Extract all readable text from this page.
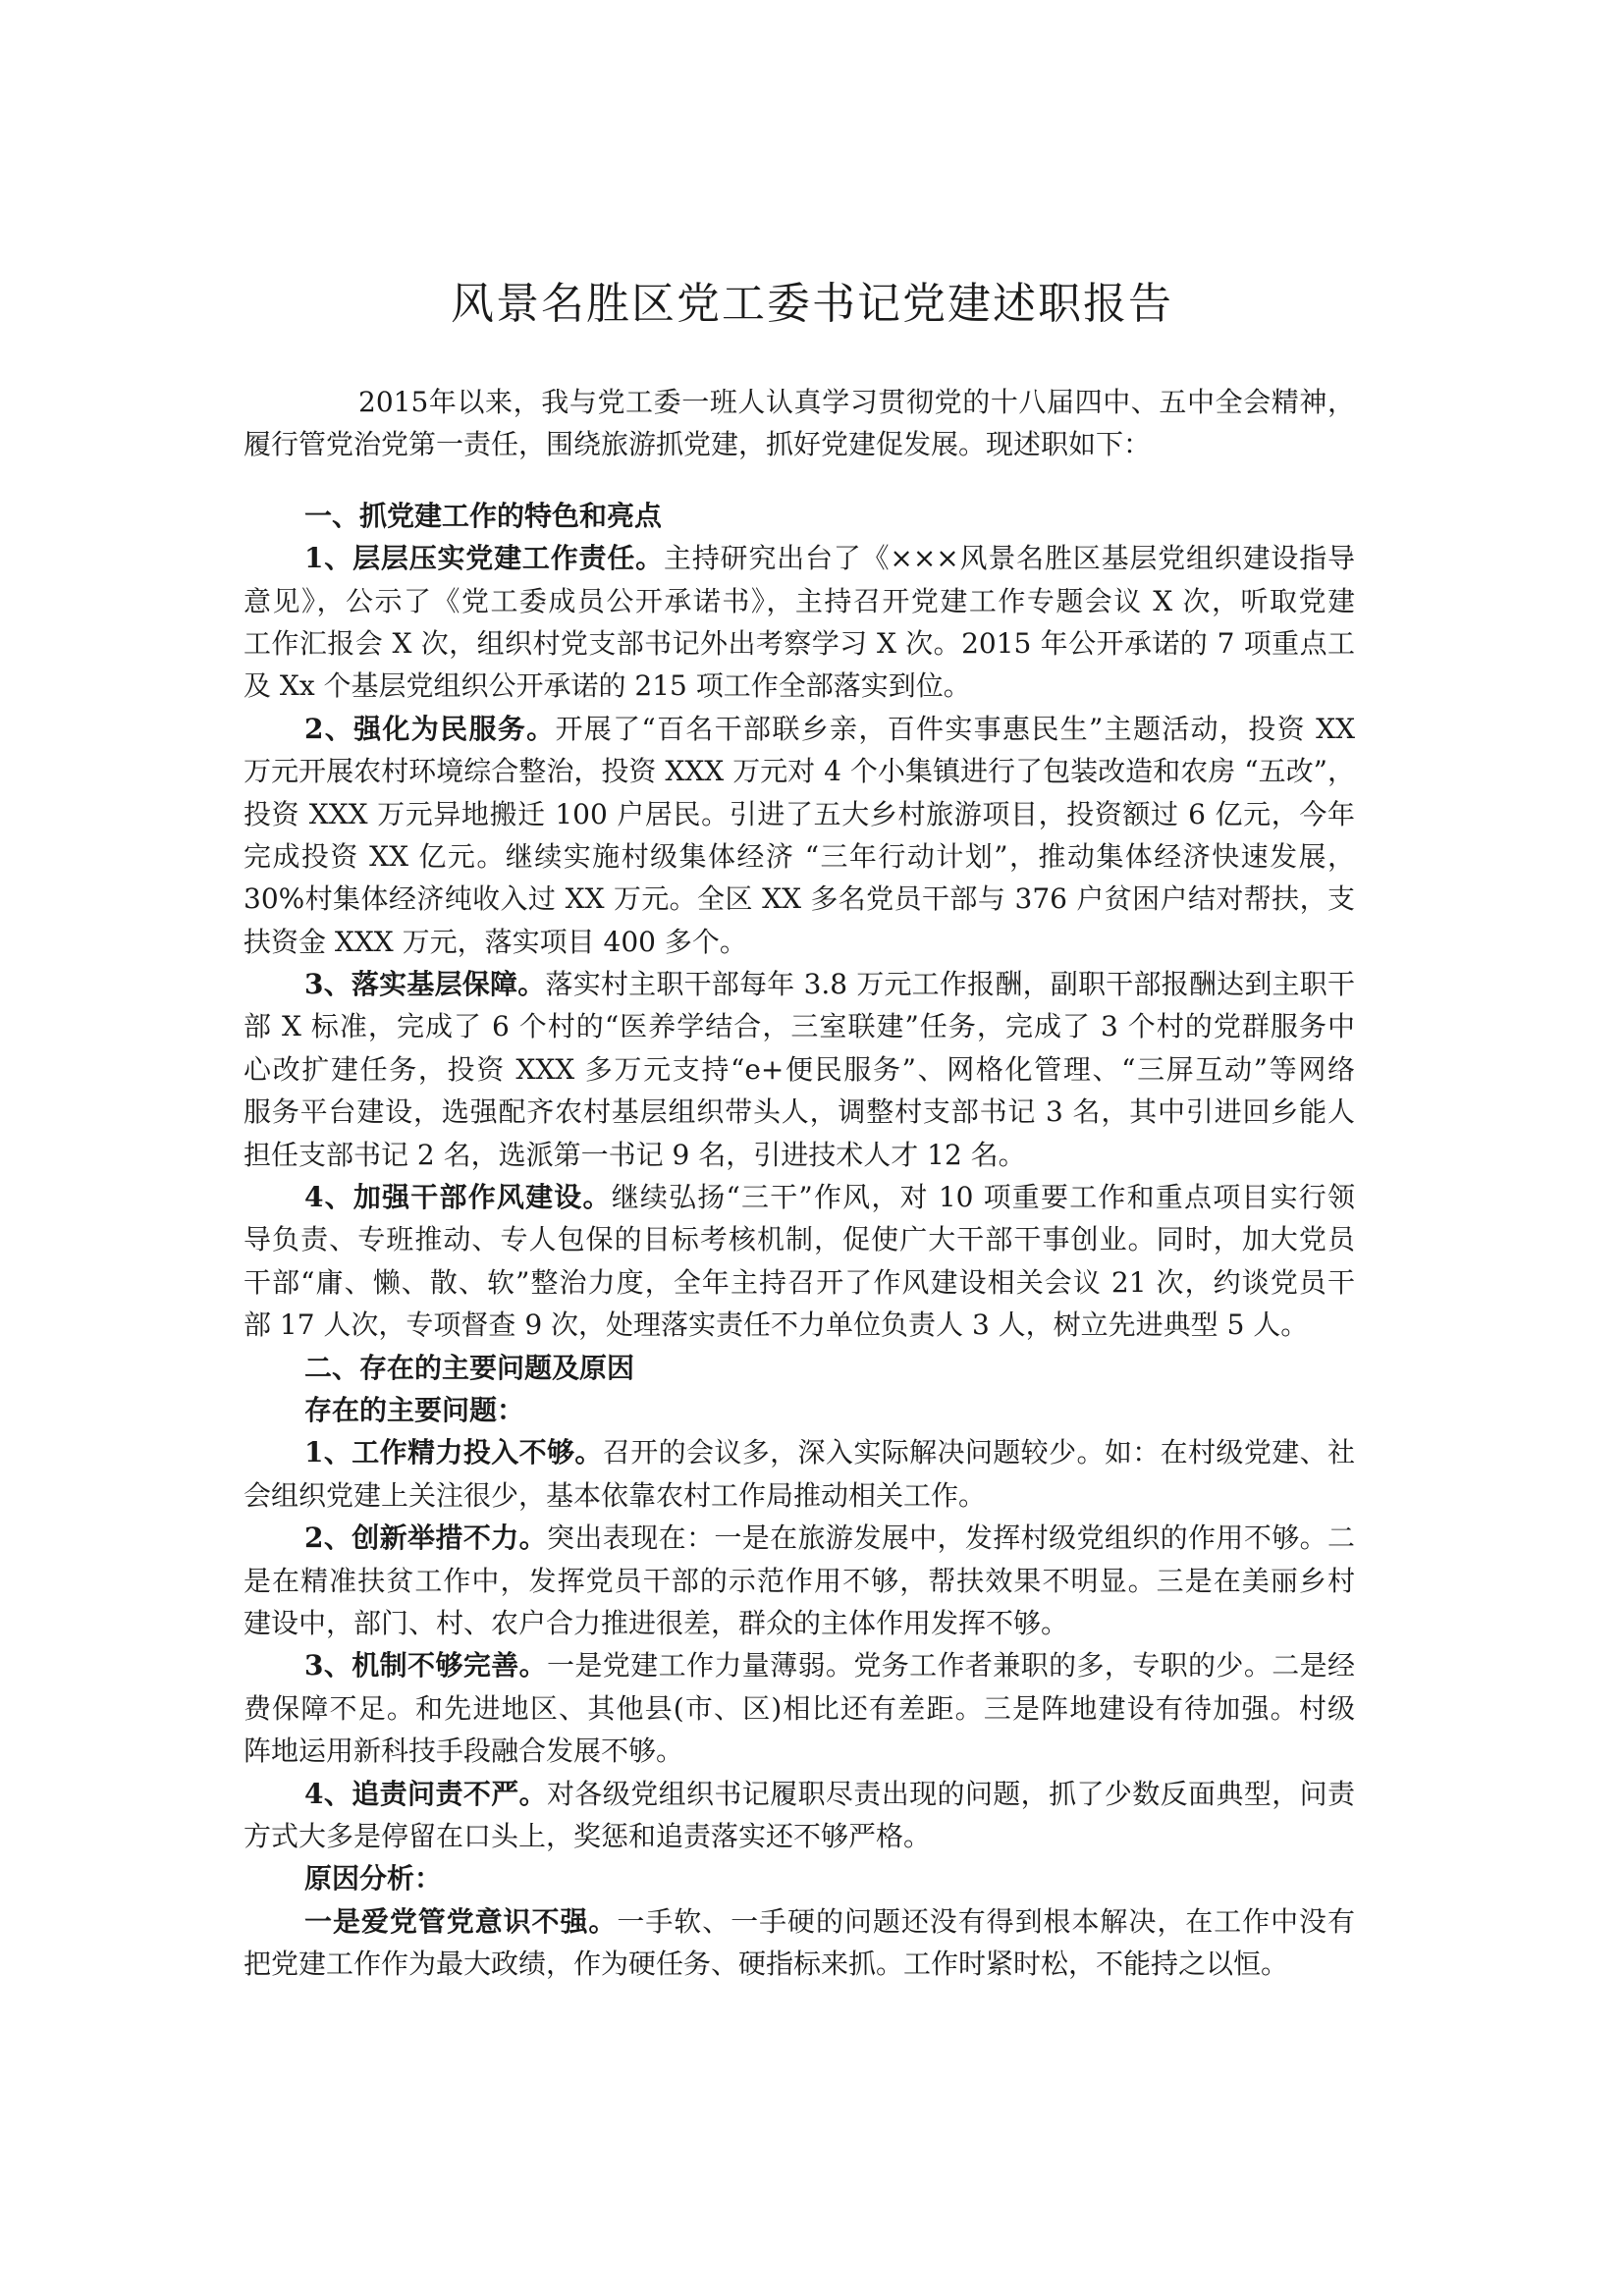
风景名胜区党工委书记党建述职报告
2015年以来，我与党工委一班人认真学习贯彻党的十八届四中、五中全会精神，
履行管党治党第一责任，围绕旅游抓党建，抓好党建促发展。现述职如下：
一、抓党建工作的特色和亮点
1、层层压实党建工作责任。主持研究出台了《×××风景名胜区基层党组织建设指导
意见》，公示了《党工委成员公开承诺书》，主持召开党建工作专题会议 X 次，听取党建
工作汇报会 X 次，组织村党支部书记外出考察学习 X 次。2015 年公开承诺的 7 项重点工
及 Xx 个基层党组织公开承诺的 215 项工作全部落实到位。
2、强化为民服务。开展了“百名干部联乡亲，百件实事惠民生”主题活动，投资 XX
万元开展农村环境综合整治，投资 XXX 万元对 4 个小集镇进行了包装改造和农房 “五改”，
投资 XXX 万元异地搬迁 100 户居民。引进了五大乡村旅游项目，投资额过 6 亿元，今年
完成投资 XX 亿元。继续实施村级集体经济 “三年行动计划”，推动集体经济快速发展，
30%村集体经济纯收入过 XX 万元。全区 XX 多名党员干部与 376 户贫困户结对帮扶，支
扶资金 XXX 万元，落实项目 400 多个。
3、落实基层保障。落实村主职干部每年 3.8 万元工作报酬，副职干部报酬达到主职干
部 X 标准，完成了 6 个村的“医养学结合，三室联建”任务，完成了 3 个村的党群服务中
心改扩建任务，投资 XXX 多万元支持“e+便民服务”、网格化管理、“三屏互动”等网络
服务平台建设，选强配齐农村基层组织带头人，调整村支部书记 3 名，其中引进回乡能人
担任支部书记 2 名，选派第一书记 9 名，引进技术人才 12 名。
4、加强干部作风建设。继续弘扬“三干”作风，对 10 项重要工作和重点项目实行领
导负责、专班推动、专人包保的目标考核机制，促使广大干部干事创业。同时，加大党员
干部“庸、懒、散、软”整治力度，全年主持召开了作风建设相关会议 21 次，约谈党员干
部 17 人次，专项督查 9 次，处理落实责任不力单位负责人 3 人，树立先进典型 5 人。
二、存在的主要问题及原因
存在的主要问题：
1、工作精力投入不够。召开的会议多，深入实际解决问题较少。如：在村级党建、社
会组织党建上关注很少，基本依靠农村工作局推动相关工作。
2、创新举措不力。突出表现在：一是在旅游发展中，发挥村级党组织的作用不够。二
是在精准扶贫工作中，发挥党员干部的示范作用不够，帮扶效果不明显。三是在美丽乡村
建设中，部门、村、农户合力推进很差，群众的主体作用发挥不够。
3、机制不够完善。一是党建工作力量薄弱。党务工作者兼职的多，专职的少。二是经
费保障不足。和先进地区、其他县(市、区)相比还有差距。三是阵地建设有待加强。村级
阵地运用新科技手段融合发展不够。
4、追责问责不严。对各级党组织书记履职尽责出现的问题，抓了少数反面典型，问责
方式大多是停留在口头上，奖惩和追责落实还不够严格。
原因分析：
一是爱党管党意识不强。一手软、一手硬的问题还没有得到根本解决，在工作中没有
把党建工作作为最大政绩，作为硬任务、硬指标来抓。工作时紧时松，不能持之以恒。
